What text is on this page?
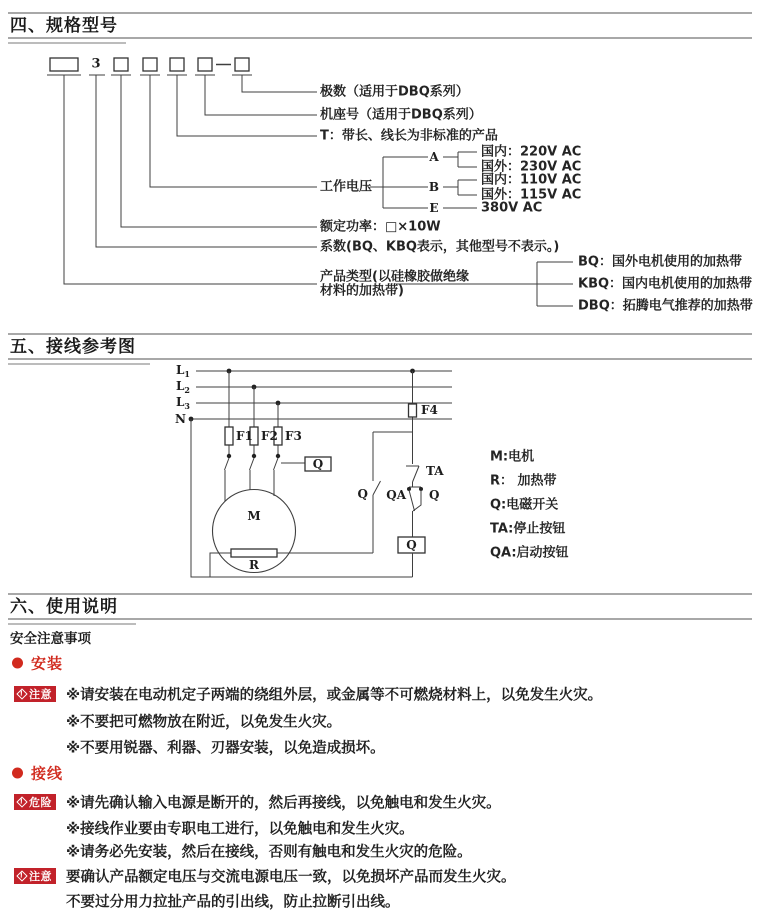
四、规格型号
五、接线参考图
六、使用说明
3
极数（适用于DBQ系列）
机座号（适用于DBQ系列）
T：带长、线长为非标准的产品
工作电压
A
B
E
国内：220V AC
国外：230V AC
国内：110V AC
国外：115V AC
380V AC
额定功率：□×10W
系数(BQ、KBQ表示，其他型号不表示。)
产品类型(以硅橡胶做绝缘
材料的加热带)
BQ：国外电机使用的加热带
KBQ：国内电机使用的加热带
DBQ：拓腾电气推荐的加热带
$L_1$
$L_2$
$L_3$
N
F1 F2 F3
F4
Q
Q
TA
QA Q
Q
M
R
M:电机
R： 加热带
Q:电磁开关
TA:停止按钮
QA:启动按钮
安全注意事项
安装
! 注意 ※请安装在电动机定子两端的绕组外层，或金属等不可燃烧材料上，以免发生火灾。
※不要把可燃物放在附近，以免发生火灾。
※不要用锐器、利器、刃器安装，以免造成损坏。
接线
! 危险 ※请先确认输入电源是断开的，然后再接线，以免触电和发生火灾。
※接线作业要由专职电工进行，以免触电和发生火灾。
※请务必先安装，然后在接线，否则有触电和发生火灾的危险。
! 注意 要确认产品额定电压与交流电源电压一致，以免损坏产品而发生火灾。
不要过分用力拉扯产品的引出线，防止拉断引出线。
